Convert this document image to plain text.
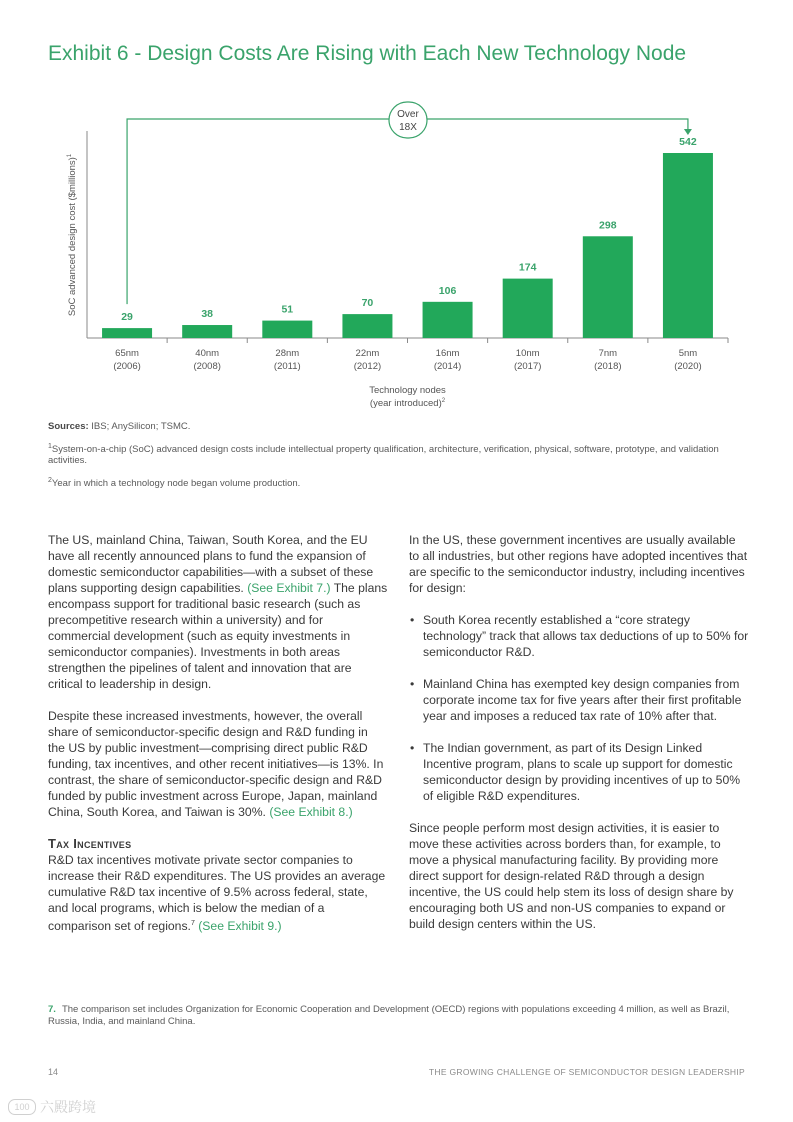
Exhibit 6 - Design Costs Are Rising with Each New Technology Node
SoC advanced design cost ($millions)$^1$
29
65nm
(2006)
38
40nm
(2008)
51
28nm
(2011)
70
22nm
(2012)
106
16nm
(2014)
174
10nm
(2017)
298
7nm
(2018)
542
5nm
(2020)
Technology nodes
(year introduced)$^2$
Over
18X

Sources: IBS; AnySilicon; TSMC.

$^1$System-on-a-chip (SoC) advanced design costs include intellectual property qualification, architecture, verification, physical, software, prototype, and validation activities.

$^2$Year in which a technology node began volume production.

The US, mainland China, Taiwan, South Korea, and the EU have all recently announced plans to fund the expansion of domestic semiconductor capabilities—with a subset of these plans supporting design capabilities. (See Exhibit 7.) The plans encompass support for traditional basic research (such as precompetitive research within a university) and for commercial development (such as equity investments in semiconductor companies). Investments in both areas strengthen the pipelines of talent and innovation that are critical to leadership in design.

Despite these increased investments, however, the overall share of semiconductor-specific design and R&D funding in the US by public investment—comprising direct public R&D funding, tax incentives, and other recent initiatives—is 13%. In contrast, the share of semiconductor-specific design and R&D funded by public investment across Europe, Japan, mainland China, South Korea, and Taiwan is 30%. (See Exhibit 8.)

Tax Incentives

R&D tax incentives motivate private sector companies to increase their R&D expenditures. The US provides an average cumulative R&D tax incentive of 9.5% across federal, state, and local programs, which is below the median of a comparison set of regions.$^7$ (See Exhibit 9.)

In the US, these government incentives are usually available to all industries, but other regions have adopted incentives that are specific to the semiconductor industry, including incentives for design:

• South Korea recently established a “core strategy technology” track that allows tax deductions of up to 50% for semiconductor R&D.
• Mainland China has exempted key design companies from corporate income tax for five years after their first profitable year and imposes a reduced tax rate of 10% after that.
• The Indian government, as part of its Design Linked Incentive program, plans to scale up support for domestic semiconductor design by providing incentives of up to 50% of eligible R&D expenditures.

Since people perform most design activities, it is easier to move these activities across borders than, for example, to move a physical manufacturing facility. By providing more direct support for design-related R&D through a design incentive, the US could help stem its loss of design share by encouraging both US and non-US companies to expand or build design centers within the US.

7. The comparison set includes Organization for Economic Cooperation and Development (OECD) regions with populations exceeding 4 million, as well as Brazil, Russia, India, and mainland China.
14	THE GROWING CHALLENGE OF SEMICONDUCTOR DESIGN LEADERSHIP
100 六殿跨境
